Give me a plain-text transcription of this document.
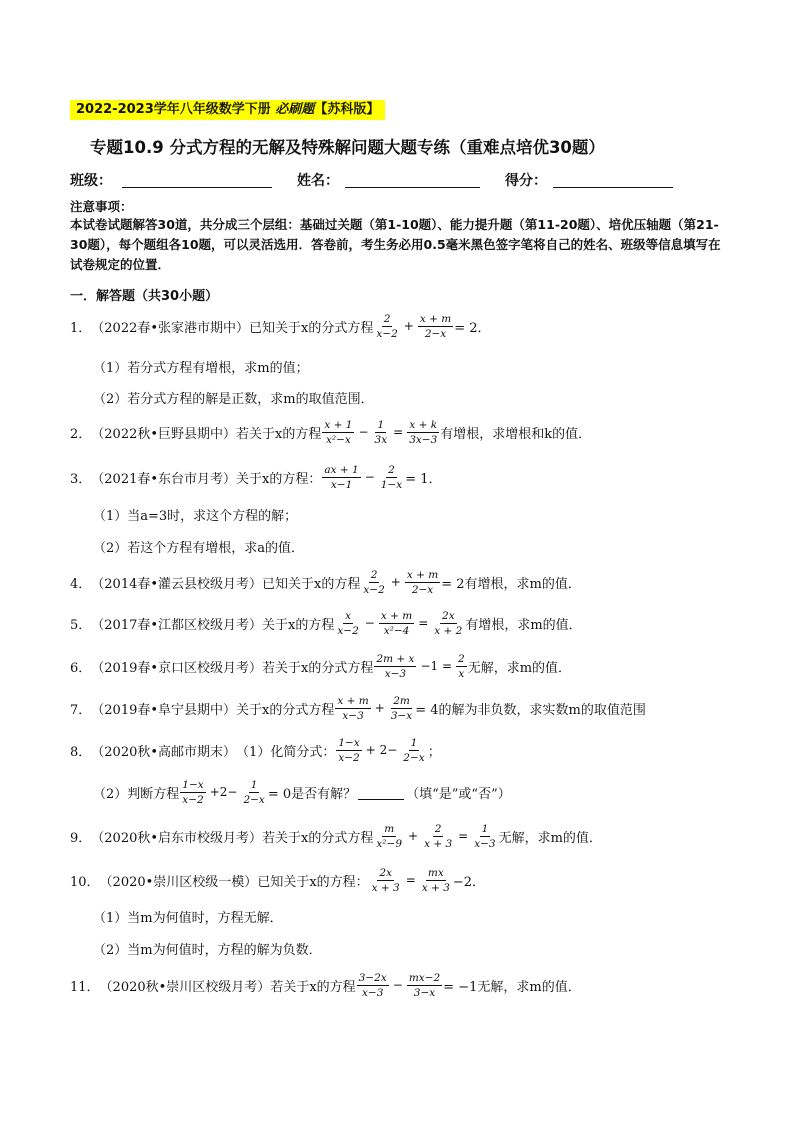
2022-2023学年八年级数学下册 必刷题【苏科版】
专题10.9 分式方程的无解及特殊解问题大题专练（重难点培优30题）
班级：	姓名：	得分：
注意事项：
本试卷试题解答30道，共分成三个层组：基础过关题（第1-10题）、能力提升题（第11-20题）、培优压轴题（第21-30题），每个题组各10题，可以灵活选用．答卷前，考生务必用0.5毫米黑色签字笔将自己的姓名、班级等信息填写在试卷规定的位置．
一．解答题（共30小题）
1． （2022春•张家港市期中） 已知关于x的分式方程 $\frac{2}{x-2} + \frac{x + m}{2-x} = 2$．
（1）若分式方程有增根，求m的值；
（2）若分式方程的解是正数，求m的取值范围．
2． （2022秋•巨野县期中） 若关于x的方程 $\frac{x + 1}{\text{x²−x}} - \frac{1}{3x} = \frac{x + k}{3x-3}$ 有增根，求增根和k的值．
3． （2021春•东台市月考） 关于x的方程： $\frac{ax + 1}{x-1} - \frac{2}{1-x} = 1$．
（1）当a=3时，求这个方程的解；
（2）若这个方程有增根，求a的值．
4． （2014春•灌云县校级月考） 已知关于x的方程 $\frac{2}{x-2} + \frac{x + m}{2-x} = 2$有增根，求m的值．
5． （2017春•江都区校级月考） 关于x的方程 $\frac{x}{x-2} - \frac{x + m}{\text{x²−4}} = \frac{2x}{x + 2}$ 有增根，求m的值．
6． （2019春•京口区校级月考） 若关于x的分式方程 $\frac{2m + x}{x-3} -1 = \frac{2}{x}$ 无解，求m的值．
7． （2019春•阜宁县期中） 关于x的分式方程 $\frac{x + m}{x-3} + \frac{2m}{3-x} = 4$的解为非负数，求实数m的取值范围
8． （2020秋•高邮市期末） （1）化简分式： $\frac{1-x}{x-2} + 2- \frac{1}{2-x}$ ；
（2）判断方程 $\frac{1-x}{x-2} +2- \frac{1}{2-x} = 0$是否有解？	（填“是”或“否”）
9． （2020秋•启东市校级月考） 若关于x的分式方程 $\frac{m}{\text{x²−9}} + \frac{2}{x + 3} = \frac{1}{x-3}$ 无解，求m的值．
10． （2020•崇川区校级一模） 已知关于x的方程： $\frac{2x}{x + 3} = \frac{mx}{x + 3} -2$．
（1）当m为何值时，方程无解．
（2）当m为何值时，方程的解为负数．
11． （2020秋•崇川区校级月考） 若关于x的方程 $\frac{3-2x}{x-3} - \frac{mx-2}{3-x} = -1$无解，求m的值．
